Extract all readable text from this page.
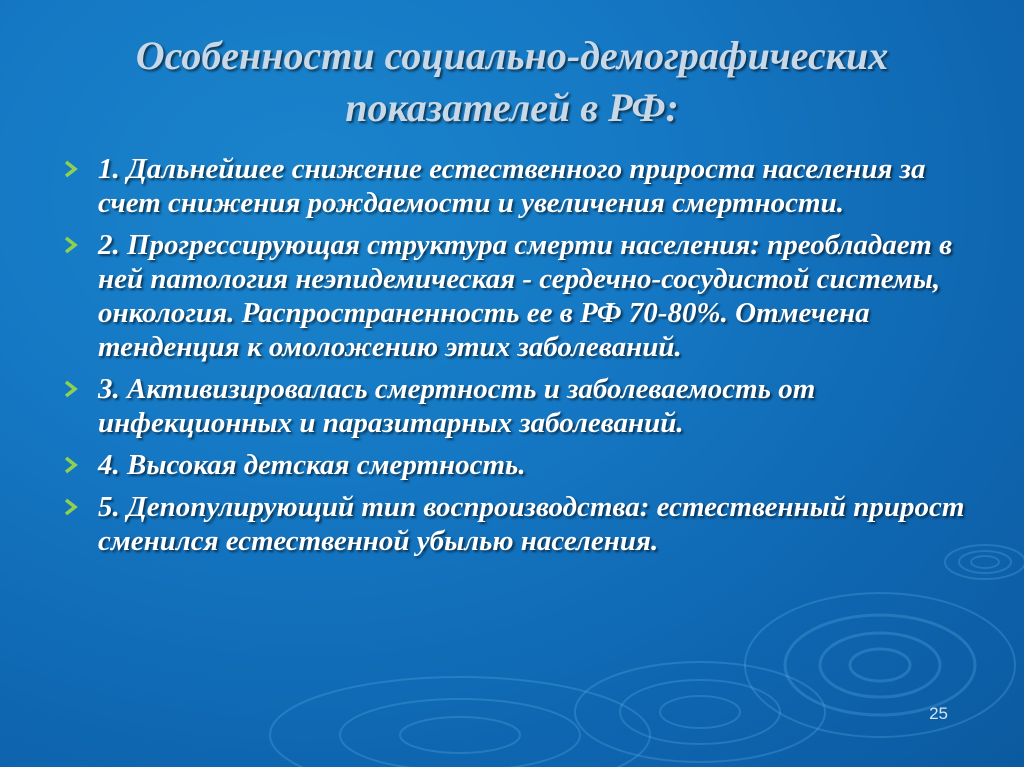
Особенности социально-демографических показателей в РФ:
1. Дальнейшее снижение естественного прироста населения за счет снижения рождаемости и увеличения смертности.
2. Прогрессирующая структура смерти населения: преобладает в ней патология неэпидемическая - сердечно-сосудистой системы, онкология. Распространенность ее в РФ 70-80%. Отмечена тенденция к омоложению этих заболеваний.
3. Активизировалась смертность и заболеваемость от инфекционных и паразитарных заболеваний.
4. Высокая детская смертность.
5. Депопулирующий тип воспроизводства: естественный прирост сменился естественной убылью населения.
25
